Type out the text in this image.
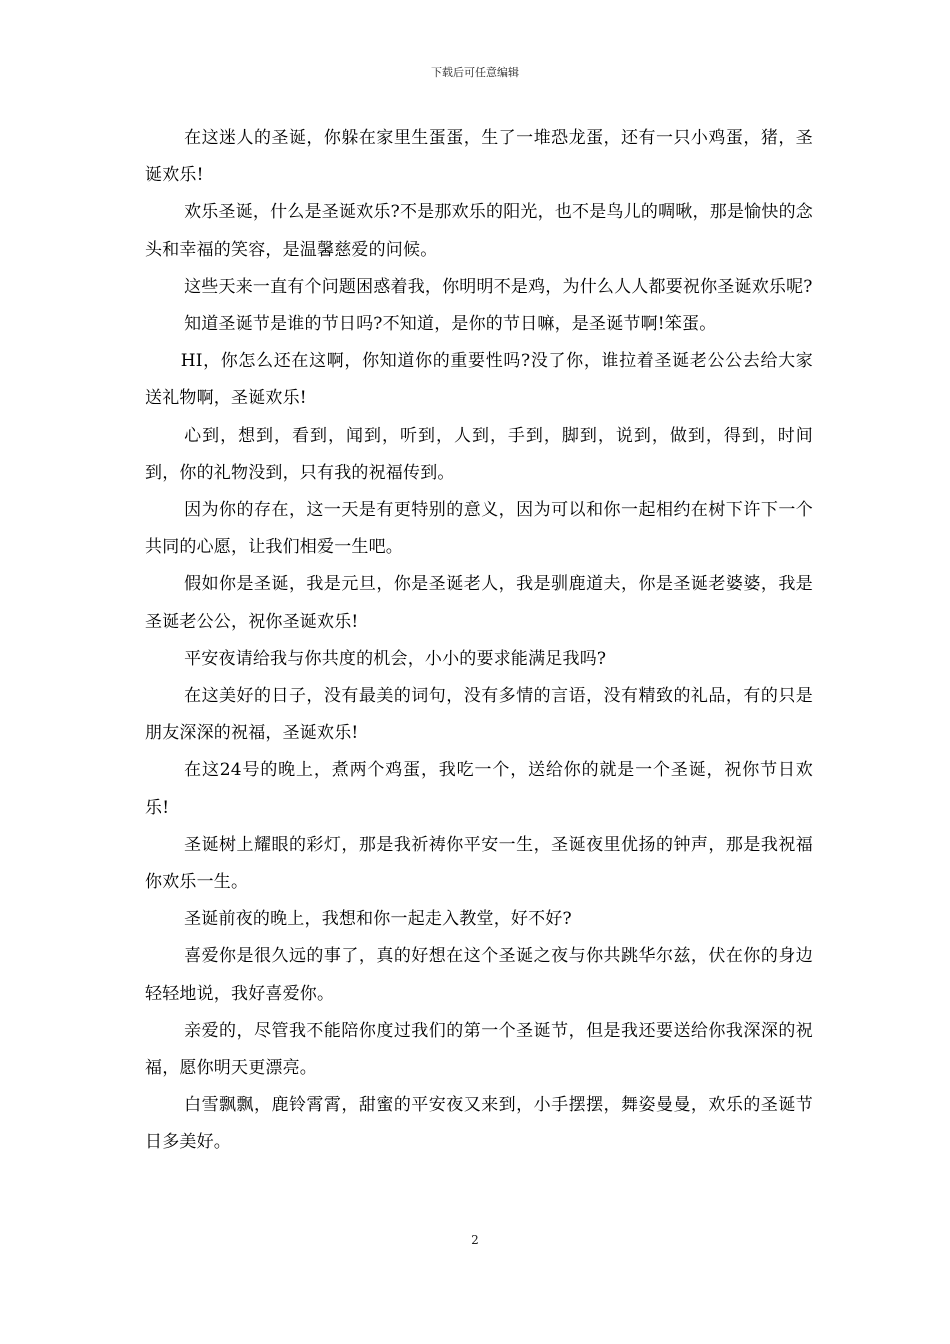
下载后可任意编辑

在这迷人的圣诞，你躲在家里生蛋蛋，生了一堆恐龙蛋，还有一只小鸡蛋，猪，圣诞欢乐!

欢乐圣诞，什么是圣诞欢乐?不是那欢乐的阳光，也不是鸟儿的啁啾，那是愉快的念头和幸福的笑容，是温馨慈爱的问候。

这些天来一直有个问题困惑着我，你明明不是鸡，为什么人人都要祝你圣诞欢乐呢?

知道圣诞节是谁的节日吗?不知道，是你的节日嘛，是圣诞节啊!笨蛋。

HI，你怎么还在这啊，你知道你的重要性吗?没了你，谁拉着圣诞老公公去给大家送礼物啊，圣诞欢乐!

心到，想到，看到，闻到，听到，人到，手到，脚到，说到，做到，得到，时间到，你的礼物没到，只有我的祝福传到。

因为你的存在，这一天是有更特别的意义，因为可以和你一起相约在树下许下一个共同的心愿，让我们相爱一生吧。

假如你是圣诞，我是元旦，你是圣诞老人，我是驯鹿道夫，你是圣诞老婆婆，我是圣诞老公公，祝你圣诞欢乐!

平安夜请给我与你共度的机会，小小的要求能满足我吗?

在这美好的日子，没有最美的词句，没有多情的言语，没有精致的礼品，有的只是朋友深深的祝福，圣诞欢乐!

在这24号的晚上，煮两个鸡蛋，我吃一个，送给你的就是一个圣诞，祝你节日欢乐!

圣诞树上耀眼的彩灯，那是我祈祷你平安一生，圣诞夜里优扬的钟声，那是我祝福你欢乐一生。

圣诞前夜的晚上，我想和你一起走入教堂，好不好?

喜爱你是很久远的事了，真的好想在这个圣诞之夜与你共跳华尔兹，伏在你的身边轻轻地说，我好喜爱你。

亲爱的，尽管我不能陪你度过我们的第一个圣诞节，但是我还要送给你我深深的祝福，愿你明天更漂亮。

白雪飘飘，鹿铃霄霄，甜蜜的平安夜又来到，小手摆摆，舞姿曼曼，欢乐的圣诞节日多美好。

2
